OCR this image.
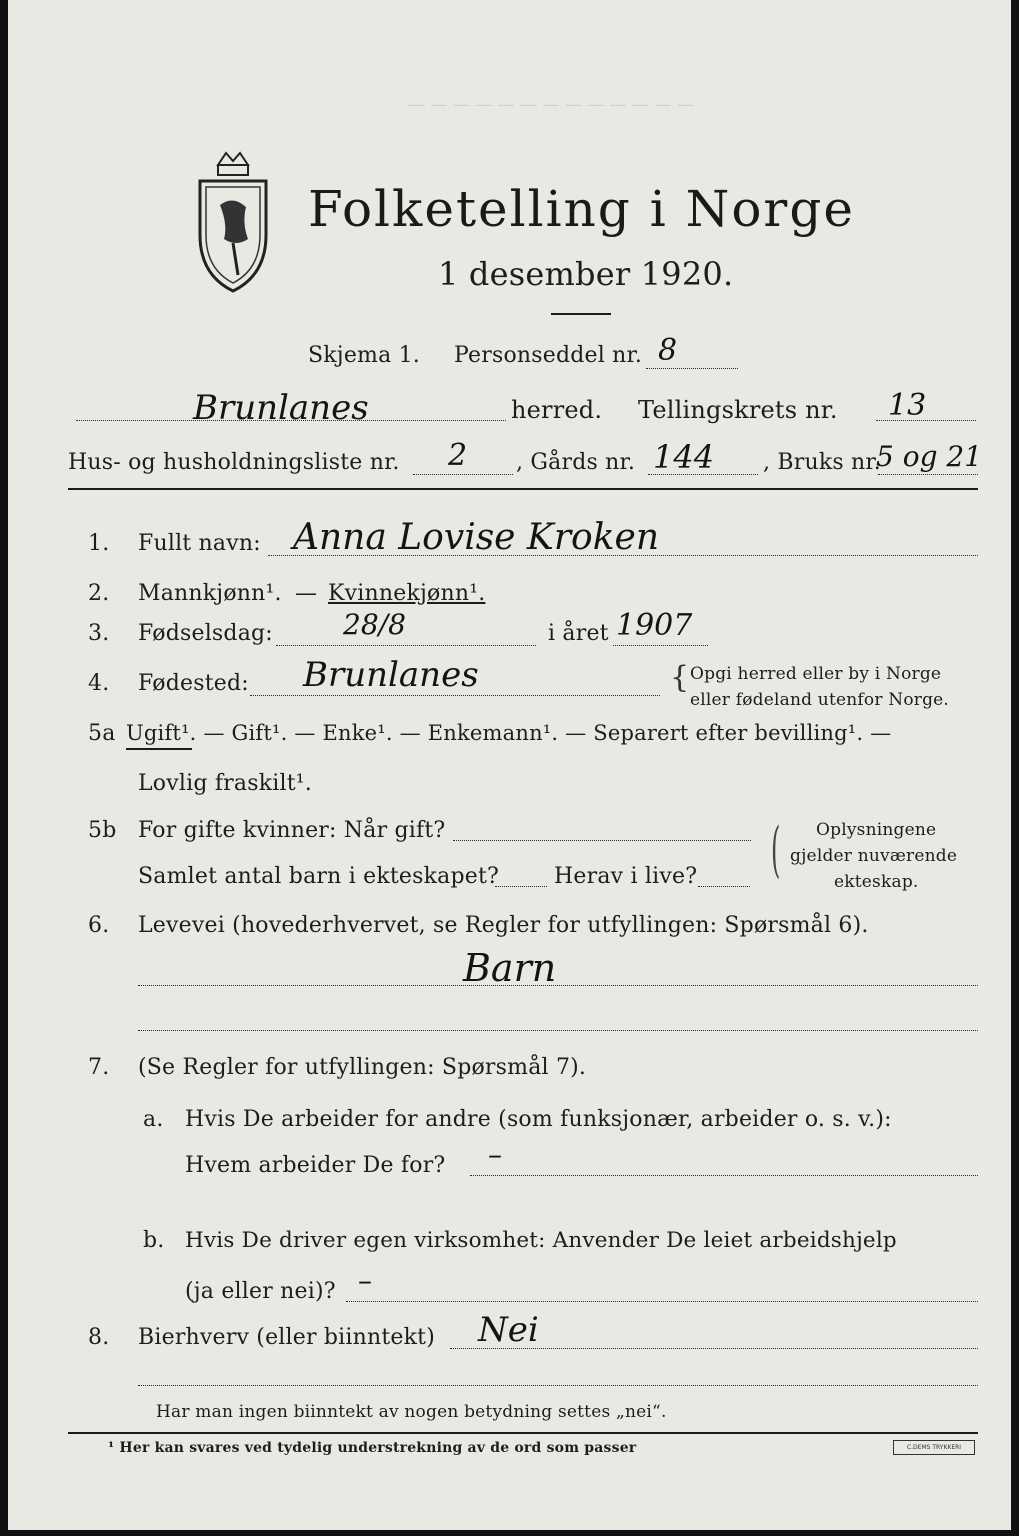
— — — — — — — — — — — — —
Folketelling i Norge
1 desember 1920.
Skjema 1. Personseddel nr. 8
Brunlanes	herred. Tellingskrets nr. 13
Hus- og husholdningsliste nr. 2 , Gårds nr. 144 , Bruks nr.
5 og 21
1. Fullt navn: Anna Lovise Kroken
2. Mannkjønn¹. — Kvinnekjønn¹.
3. Fødselsdag:	28/8	i året 1907
4. Fødested: Brunlanes	{ Opgi herred eller by i Norge
eller fødeland utenfor Norge.
5a Ugift¹. — Gift¹. — Enke¹. — Enkemann¹. — Separert efter bevilling¹. —
Lovlig fraskilt¹.
5b For gifte kvinner: Når gift?
Samlet antal barn i ekteskapet? Herav i live? ( Oplysningene
gjelder nuværende
ekteskap.
6. Levevei (hovederhvervet, se Regler for utfyllingen: Spørsmål 6).
Barn
7. (Se Regler for utfyllingen: Spørsmål 7).
a. Hvis De arbeider for andre (som funksjonær, arbeider o. s. v.):
Hvem arbeider De for? –
b. Hvis De driver egen virksomhet: Anvender De leiet arbeidshjelp
(ja eller nei)? –
8. Bierhverv (eller biinntekt) Nei
Har man ingen biinntekt av nogen betydning settes „nei“.
¹ Her kan svares ved tydelig understrekning av de ord som passer	C.DEMS TRYKKERI
